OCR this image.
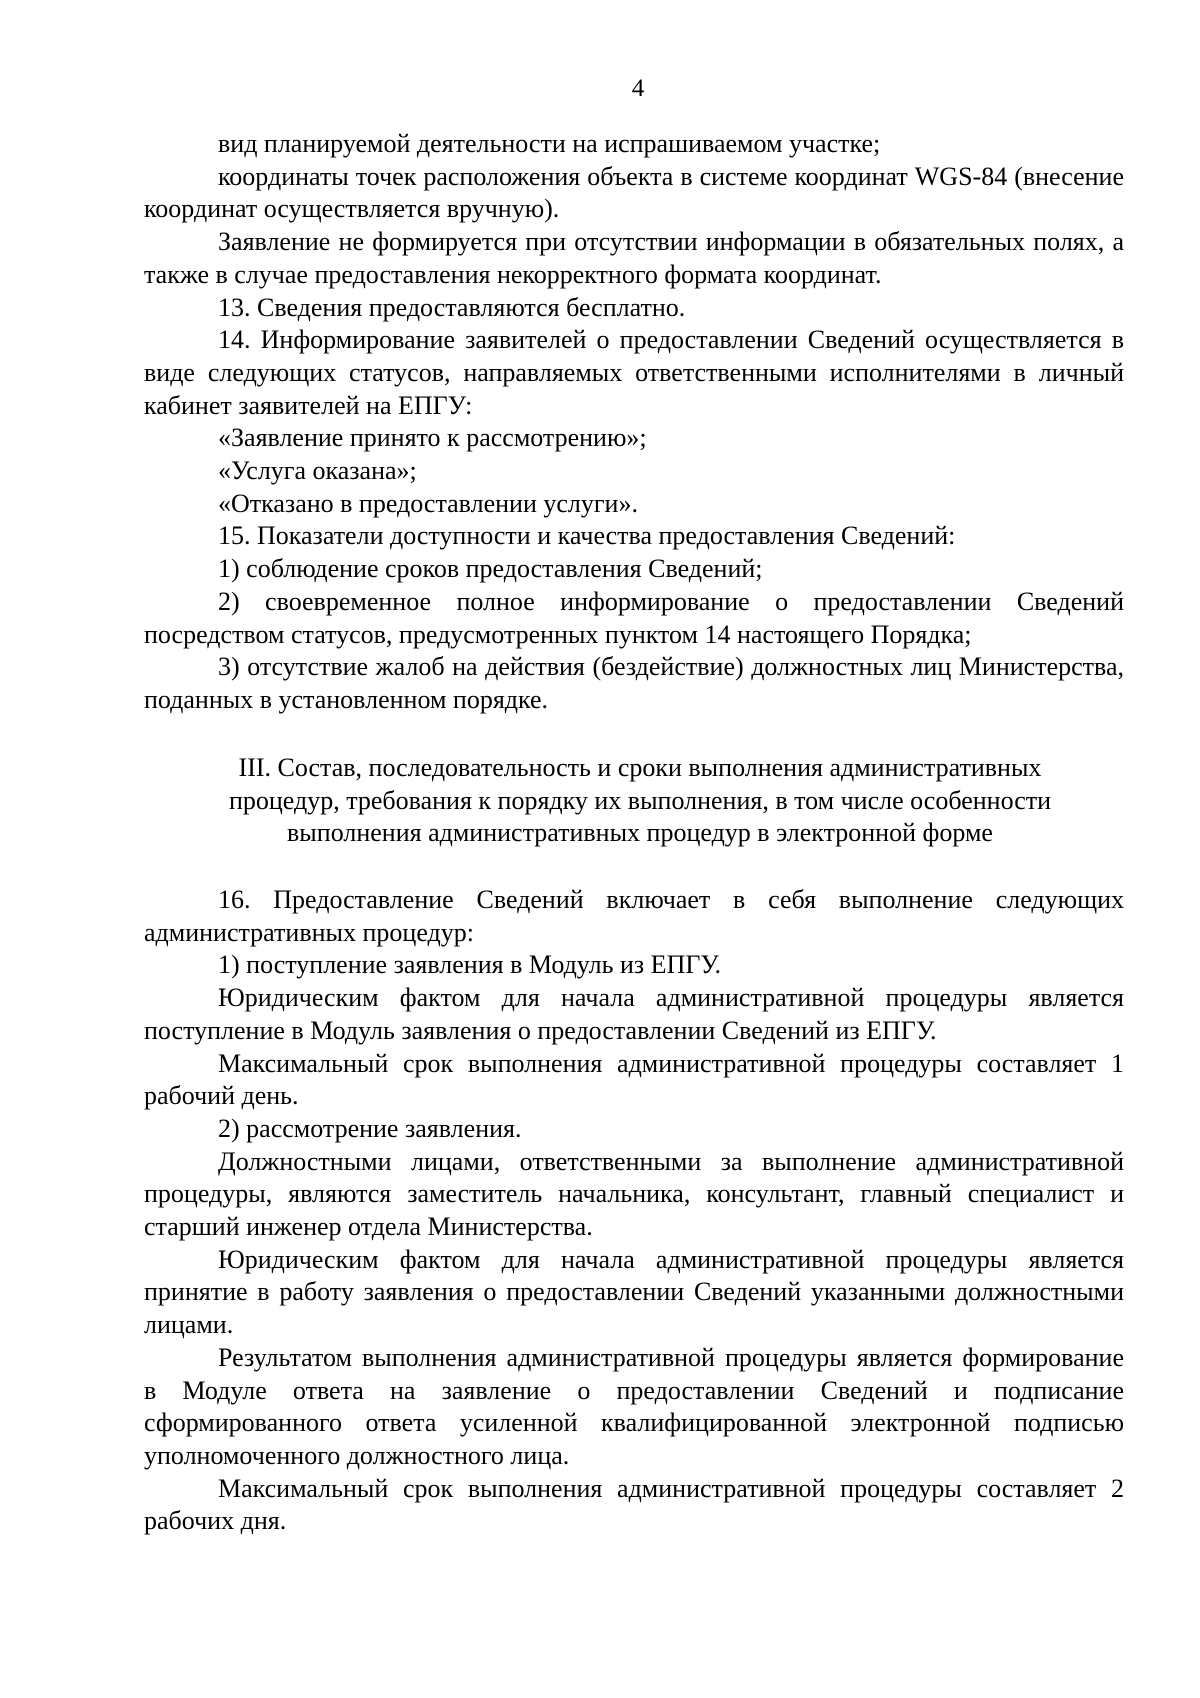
4

вид планируемой деятельности на испрашиваемом участке;

координаты точек расположения объекта в системе координат WGS-84 (внесение координат осуществляется вручную).

Заявление не формируется при отсутствии информации в обязательных полях, а также в случае предоставления некорректного формата координат.

13. Сведения предоставляются бесплатно.

14. Информирование заявителей о предоставлении Сведений осуществляется в виде следующих статусов, направляемых ответственными исполнителями в личный кабинет заявителей на ЕПГУ:

«Заявление принято к рассмотрению»;

«Услуга оказана»;

«Отказано в предоставлении услуги».

15. Показатели доступности и качества предоставления Сведений:

1) соблюдение сроков предоставления Сведений;

2) своевременное полное информирование о предоставлении Сведений посредством статусов, предусмотренных пунктом 14 настоящего Порядка;

3) отсутствие жалоб на действия (бездействие) должностных лиц Министерства, поданных в установленном порядке.

III. Состав, последовательность и сроки выполнения административных
процедур, требования к порядку их выполнения, в том числе особенности
выполнения административных процедур в электронной форме

16. Предоставление Сведений включает в себя выполнение следующих административных процедур:

1) поступление заявления в Модуль из ЕПГУ.

Юридическим фактом для начала административной процедуры является поступление в Модуль заявления о предоставлении Сведений из ЕПГУ.

Максимальный срок выполнения административной процедуры составляет 1 рабочий день.

2) рассмотрение заявления.

Должностными лицами, ответственными за выполнение административной процедуры, являются заместитель начальника, консультант, главный специалист и старший инженер отдела Министерства.

Юридическим фактом для начала административной процедуры является принятие в работу заявления о предоставлении Сведений указанными должностными лицами.

Результатом выполнения административной процедуры является формирование в Модуле ответа на заявление о предоставлении Сведений и подписание сформированного ответа усиленной квалифицированной электронной подписью уполномоченного должностного лица.

Максимальный срок выполнения административной процедуры составляет 2 рабочих дня.
